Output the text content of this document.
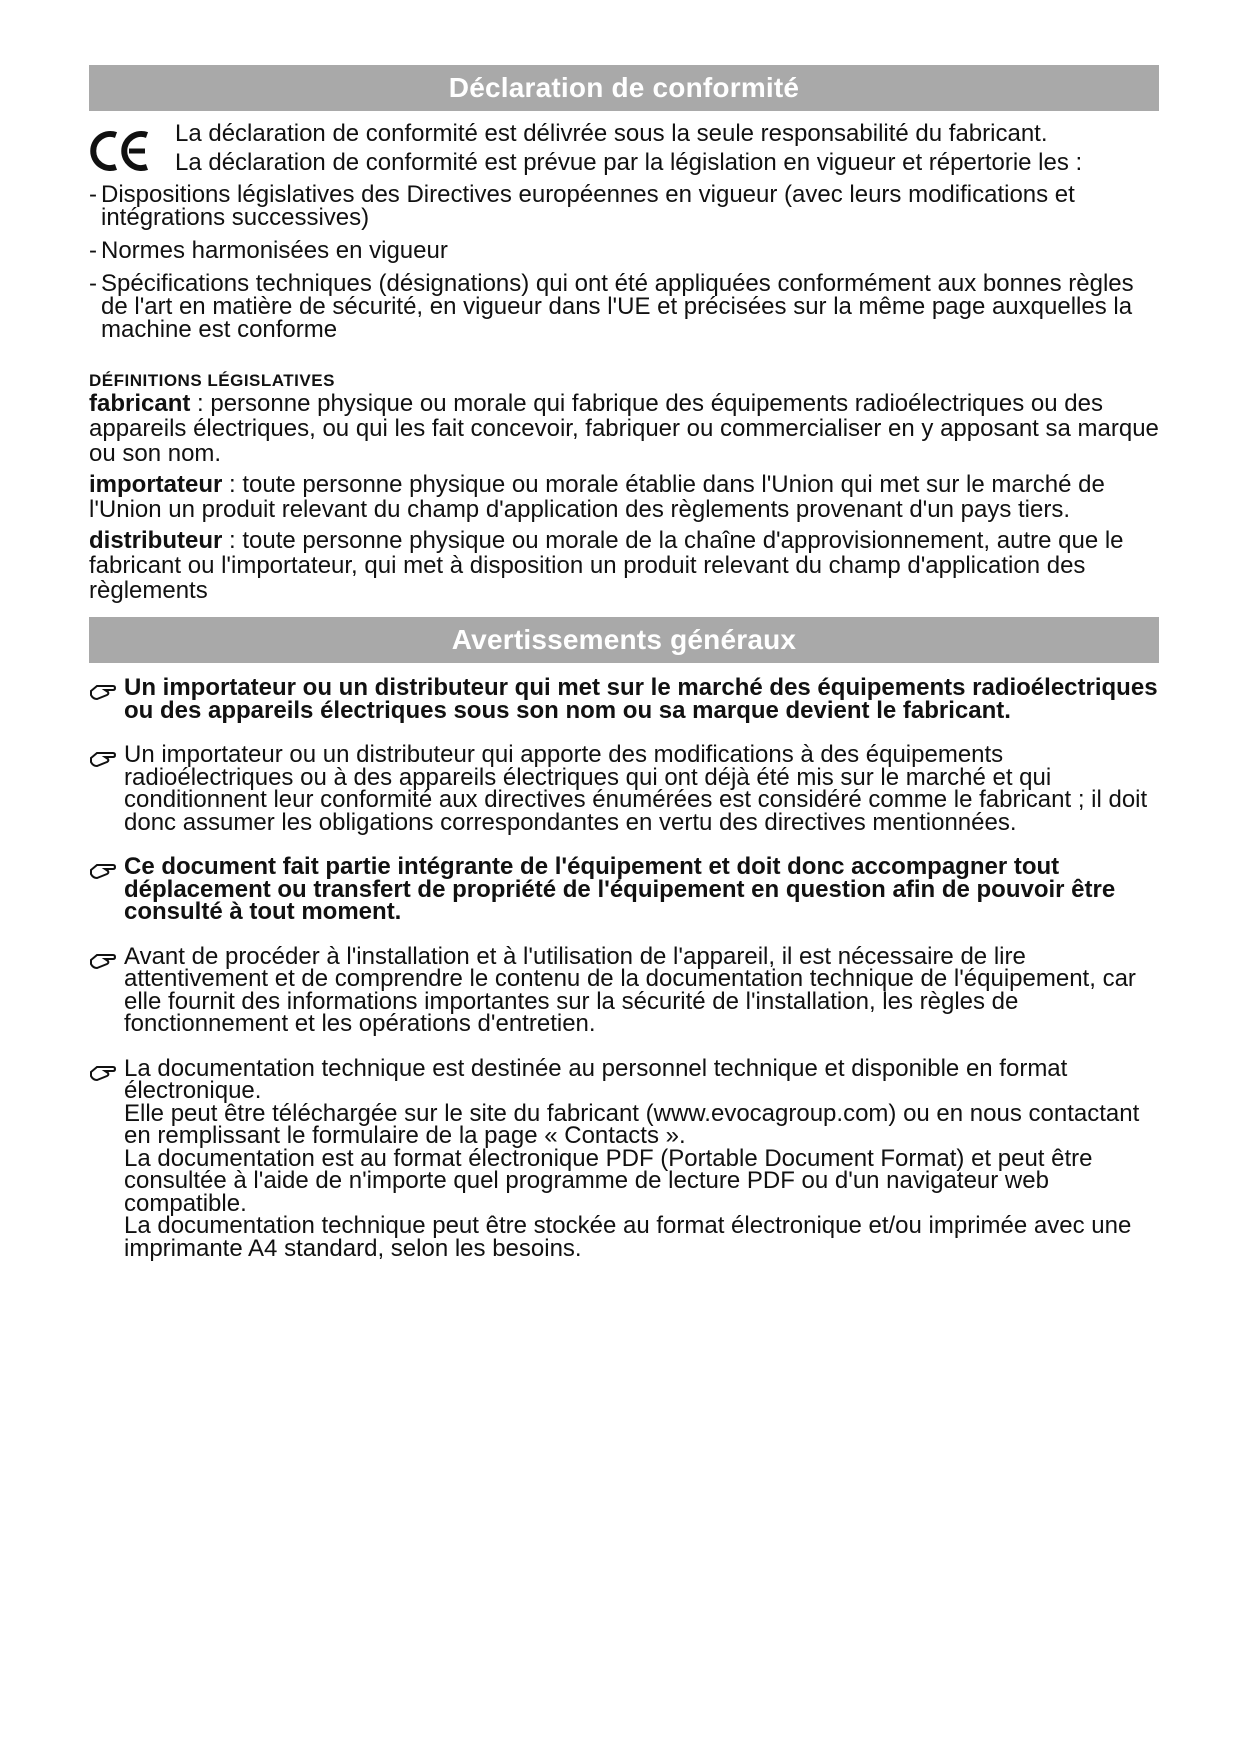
Déclaration de conformité

La déclaration de conformité est délivrée sous la seule responsabilité du fabricant.

La déclaration de conformité est prévue par la législation en vigueur et répertorie les :

- Dispositions législatives des Directives européennes en vigueur (avec leurs modifications et intégrations successives)
- Normes harmonisées en vigueur
- Spécifications techniques (désignations) qui ont été appliquées conformément aux bonnes règles de l'art en matière de sécurité, en vigueur dans l'UE et précisées sur la même page auxquelles la machine est conforme
DÉFINITIONS LÉGISLATIVES

fabricant : personne physique ou morale qui fabrique des équipements radioélectriques ou des appareils électriques, ou qui les fait concevoir, fabriquer ou commercialiser en y apposant sa marque ou son nom.

importateur : toute personne physique ou morale établie dans l'Union qui met sur le marché de l'Union un produit relevant du champ d'application des règlements provenant d'un pays tiers.

distributeur : toute personne physique ou morale de la chaîne d'approvisionnement, autre que le fabricant ou l'importateur, qui met à disposition un produit relevant du champ d'application des règlements

Avertissements généraux

Un importateur ou un distributeur qui met sur le marché des équipements radioélectriques ou des appareils électriques sous son nom ou sa marque devient le fabricant.

Un importateur ou un distributeur qui apporte des modifications à des équipements radioélectriques ou à des appareils électriques qui ont déjà été mis sur le marché et qui conditionnent leur conformité aux directives énumérées est considéré comme le fabricant ; il doit donc assumer les obligations correspondantes en vertu des directives mentionnées.

Ce document fait partie intégrante de l'équipement et doit donc accompagner tout déplacement ou transfert de propriété de l'équipement en question afin de pouvoir être consulté à tout moment.

Avant de procéder à l'installation et à l'utilisation de l'appareil, il est nécessaire de lire attentivement et de comprendre le contenu de la documentation technique de l'équipement, car elle fournit des informations importantes sur la sécurité de l'installation, les règles de fonctionnement et les opérations d'entretien.

La documentation technique est destinée au personnel technique et disponible en format électronique.

Elle peut être téléchargée sur le site du fabricant (www.evocagroup.com) ou en nous contactant en remplissant le formulaire de la page « Contacts ».

La documentation est au format électronique PDF (Portable Document Format) et peut être consultée à l'aide de n'importe quel programme de lecture PDF ou d'un navigateur web compatible.

La documentation technique peut être stockée au format électronique et/ou imprimée avec une imprimante A4 standard, selon les besoins.
